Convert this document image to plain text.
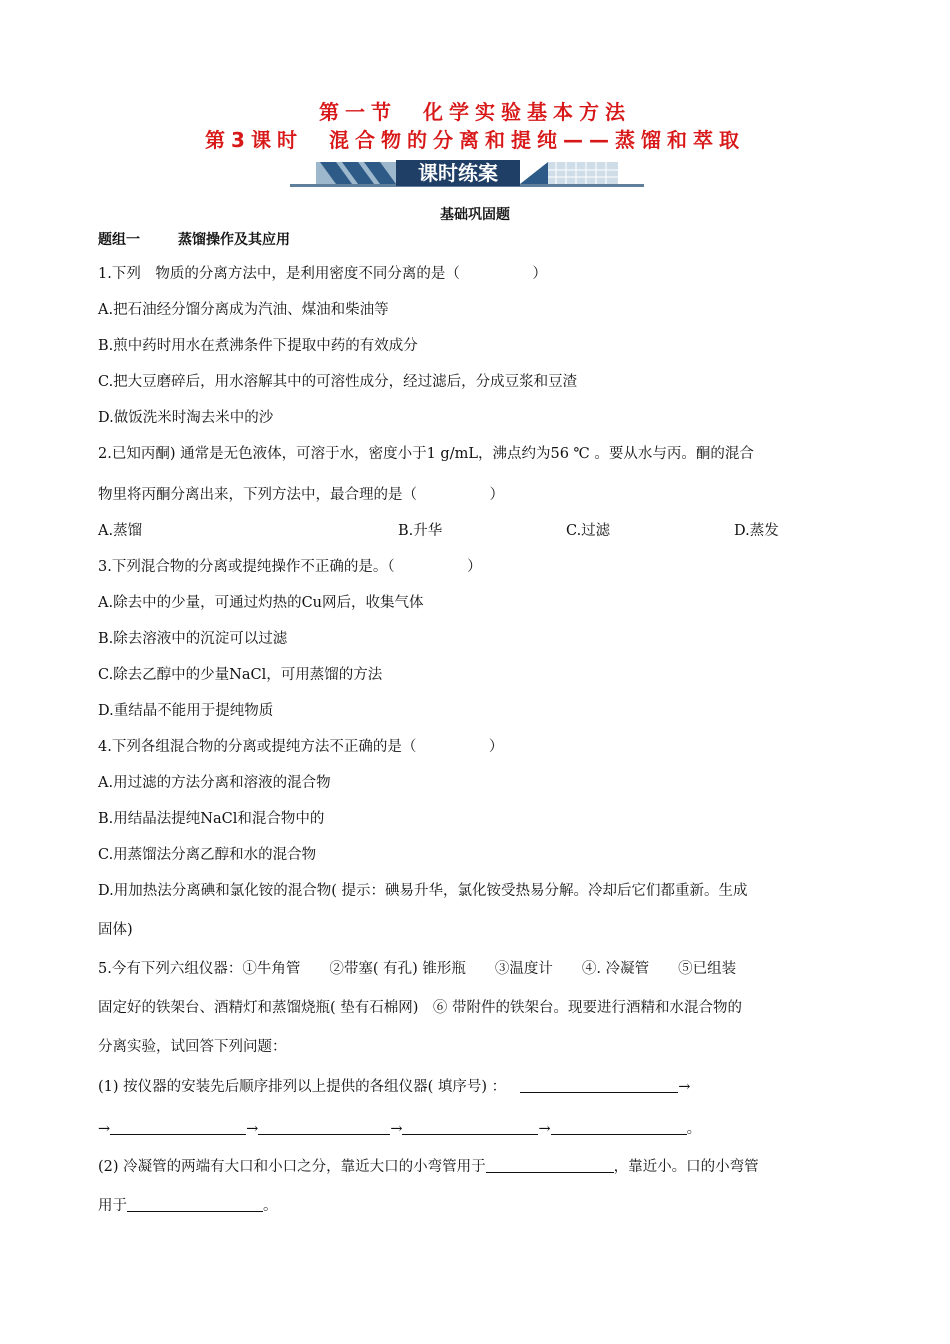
第一节　化学实验基本方法
第3课时　混合物的分离和提纯——蒸馏和萃取
课时练案
基础巩固题
题组一	蒸馏操作及其应用
1.下列　物质的分离方法中，是利用密度不同分离的是（　　　　　）
A.把石油经分馏分离成为汽油、煤油和柴油等
B.煎中药时用水在煮沸条件下提取中药的有效成分
C.把大豆磨碎后，用水溶解其中的可溶性成分，经过滤后，分成豆浆和豆渣
D.做饭洗米时淘去米中的沙
2.已知丙酮) 通常是无色液体，可溶于水，密度小于1 g/mL，沸点约为56 ℃ 。要从水与丙。酮的混合
物里将丙酮分离出来，下列方法中，最合理的是（　　　　　）
A.蒸馏	B.升华	C.过滤	D.蒸发
3.下列混合物的分离或提纯操作不正确的是。（　　　　　）
A.除去中的少量，可通过灼热的Cu网后，收集气体
B.除去溶液中的沉淀可以过滤
C.除去乙醇中的少量NaCl，可用蒸馏的方法
D.重结晶不能用于提纯物质
4.下列各组混合物的分离或提纯方法不正确的是（　　　　　）
A.用过滤的方法分离和溶液的混合物
B.用结晶法提纯NaCl和混合物中的
C.用蒸馏法分离乙醇和水的混合物
D.用加热法分离碘和氯化铵的混合物( 提示：碘易升华，氯化铵受热易分解。冷却后它们都重新。生成
固体)
5.今有下列六组仪器：①牛角管　　②带塞( 有孔) 锥形瓶　　③温度计　　④. 冷凝管　　⑤已组装
固定好的铁架台、酒精灯和蒸馏烧瓶( 垫有石棉网)　⑥ 带附件的铁架台。现要进行酒精和水混合物的
分离实验，试回答下列问题：
(1) 按仪器的安装先后顺序排列以上提供的各组仪器( 填序号) ：	→
→	→	→	→	。
(2) 冷凝管的两端有大口和小口之分，靠近大口的小弯管用于	，靠近小。口的小弯管
用于	。
